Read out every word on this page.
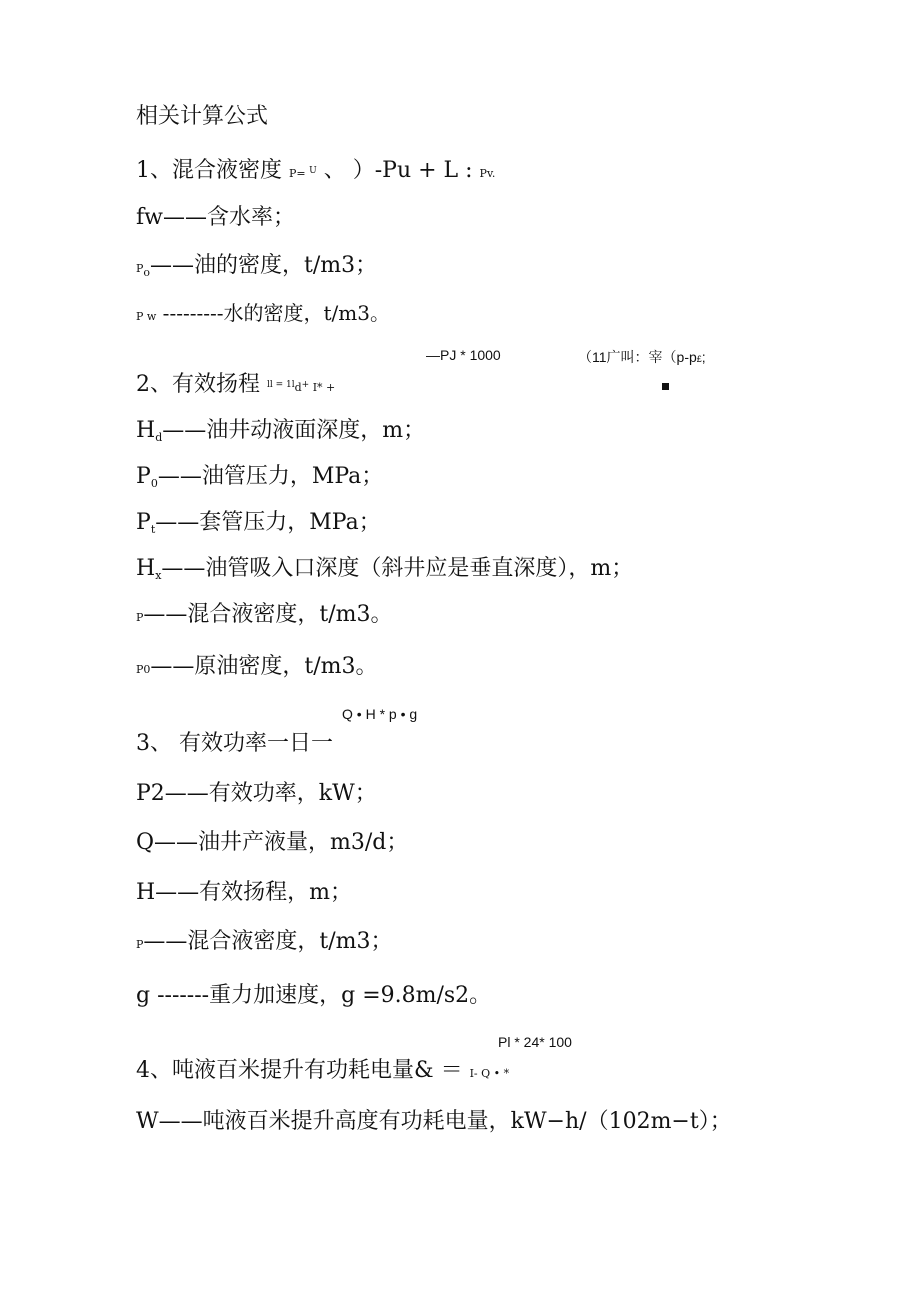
相关计算公式
1、混合液密度 P= $^U$ 、 ）-Pu + L : Pv.
fw——含水率；
$P_o——$油的密度，t/m3；
P w ---------水的密度，t/m3。
—PJ * 1000	（11广叫：宰（p-p£;
2、有效扬程 $^{ll = 1l}$d+ I* +
$H_d——$油井动液面深度，m；
$P_0——$油管压力，MPa；
$P_t——$套管压力，MPa；
$H_x——$油管吸入口深度（斜井应是垂直深度），m；
P——混合液密度，t/m3。
P0——原油密度，t/m3。
Q • H * p • g
3、 有效功率一日一
P2——有效功率，kW；
Q——油井产液量，m3/d；
H——有效扬程，m；
P——混合液密度，t/m3；
g -------重力加速度，g =9.8m/s2。
Pl * 24* 100
4、吨液百米提升有功耗电量& ＝ I- Q • *
W——吨液百米提升高度有功耗电量，kW−h/（102m−t）；
